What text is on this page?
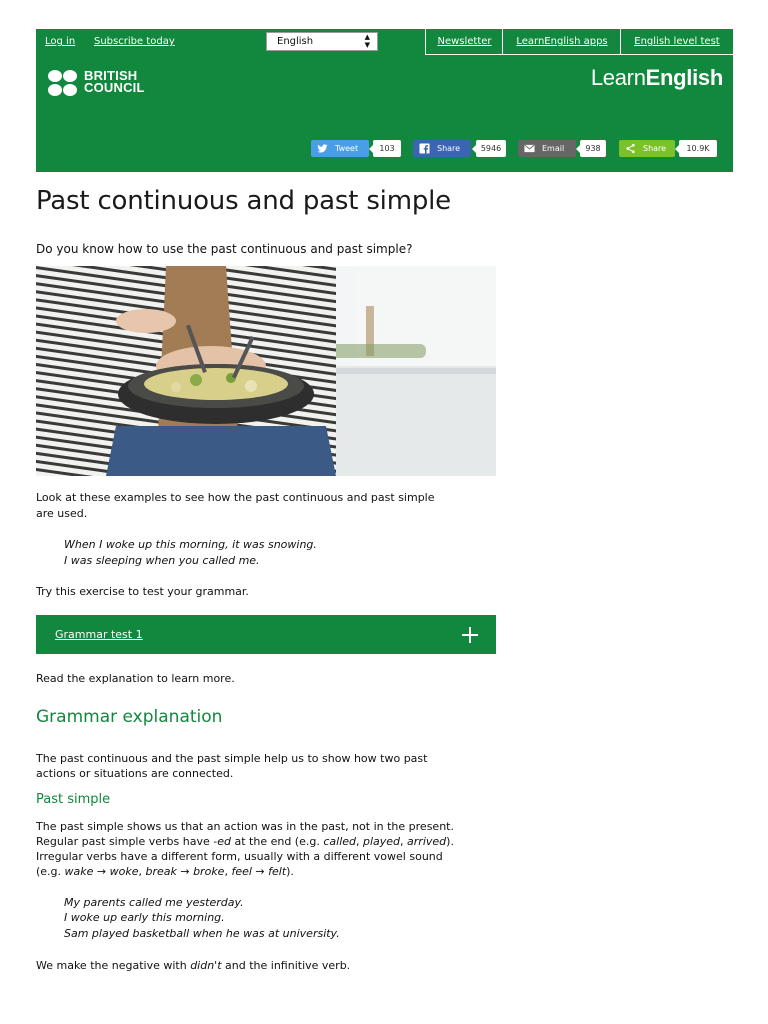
Log in Subscribe today	English	▲
▼	Newsletter	LearnEnglish apps	English level test
BRITISH
COUNCIL	LearnEnglish
Tweet	103	Share	5946	Email	938	Share	10.9K
Past continuous and past simple

Do you know how to use the past continuous and past simple?

Look at these examples to see how the past continuous and past simple

are used.

When I woke up this morning, it was snowing.

I was sleeping when you called me.

Try this exercise to test your grammar.

Grammar test 1

Read the explanation to learn more.

Grammar explanation

The past continuous and the past simple help us to show how two past

actions or situations are connected.

Past simple

The past simple shows us that an action was in the past, not in the present.

Regular past simple verbs have -ed at the end (e.g. called, played, arrived).

Irregular verbs have a different form, usually with a different vowel sound

(e.g. wake → woke, break → broke, feel → felt).

My parents called me yesterday.

I woke up early this morning.

Sam played basketball when he was at university.

We make the negative with didn't and the infinitive verb.
